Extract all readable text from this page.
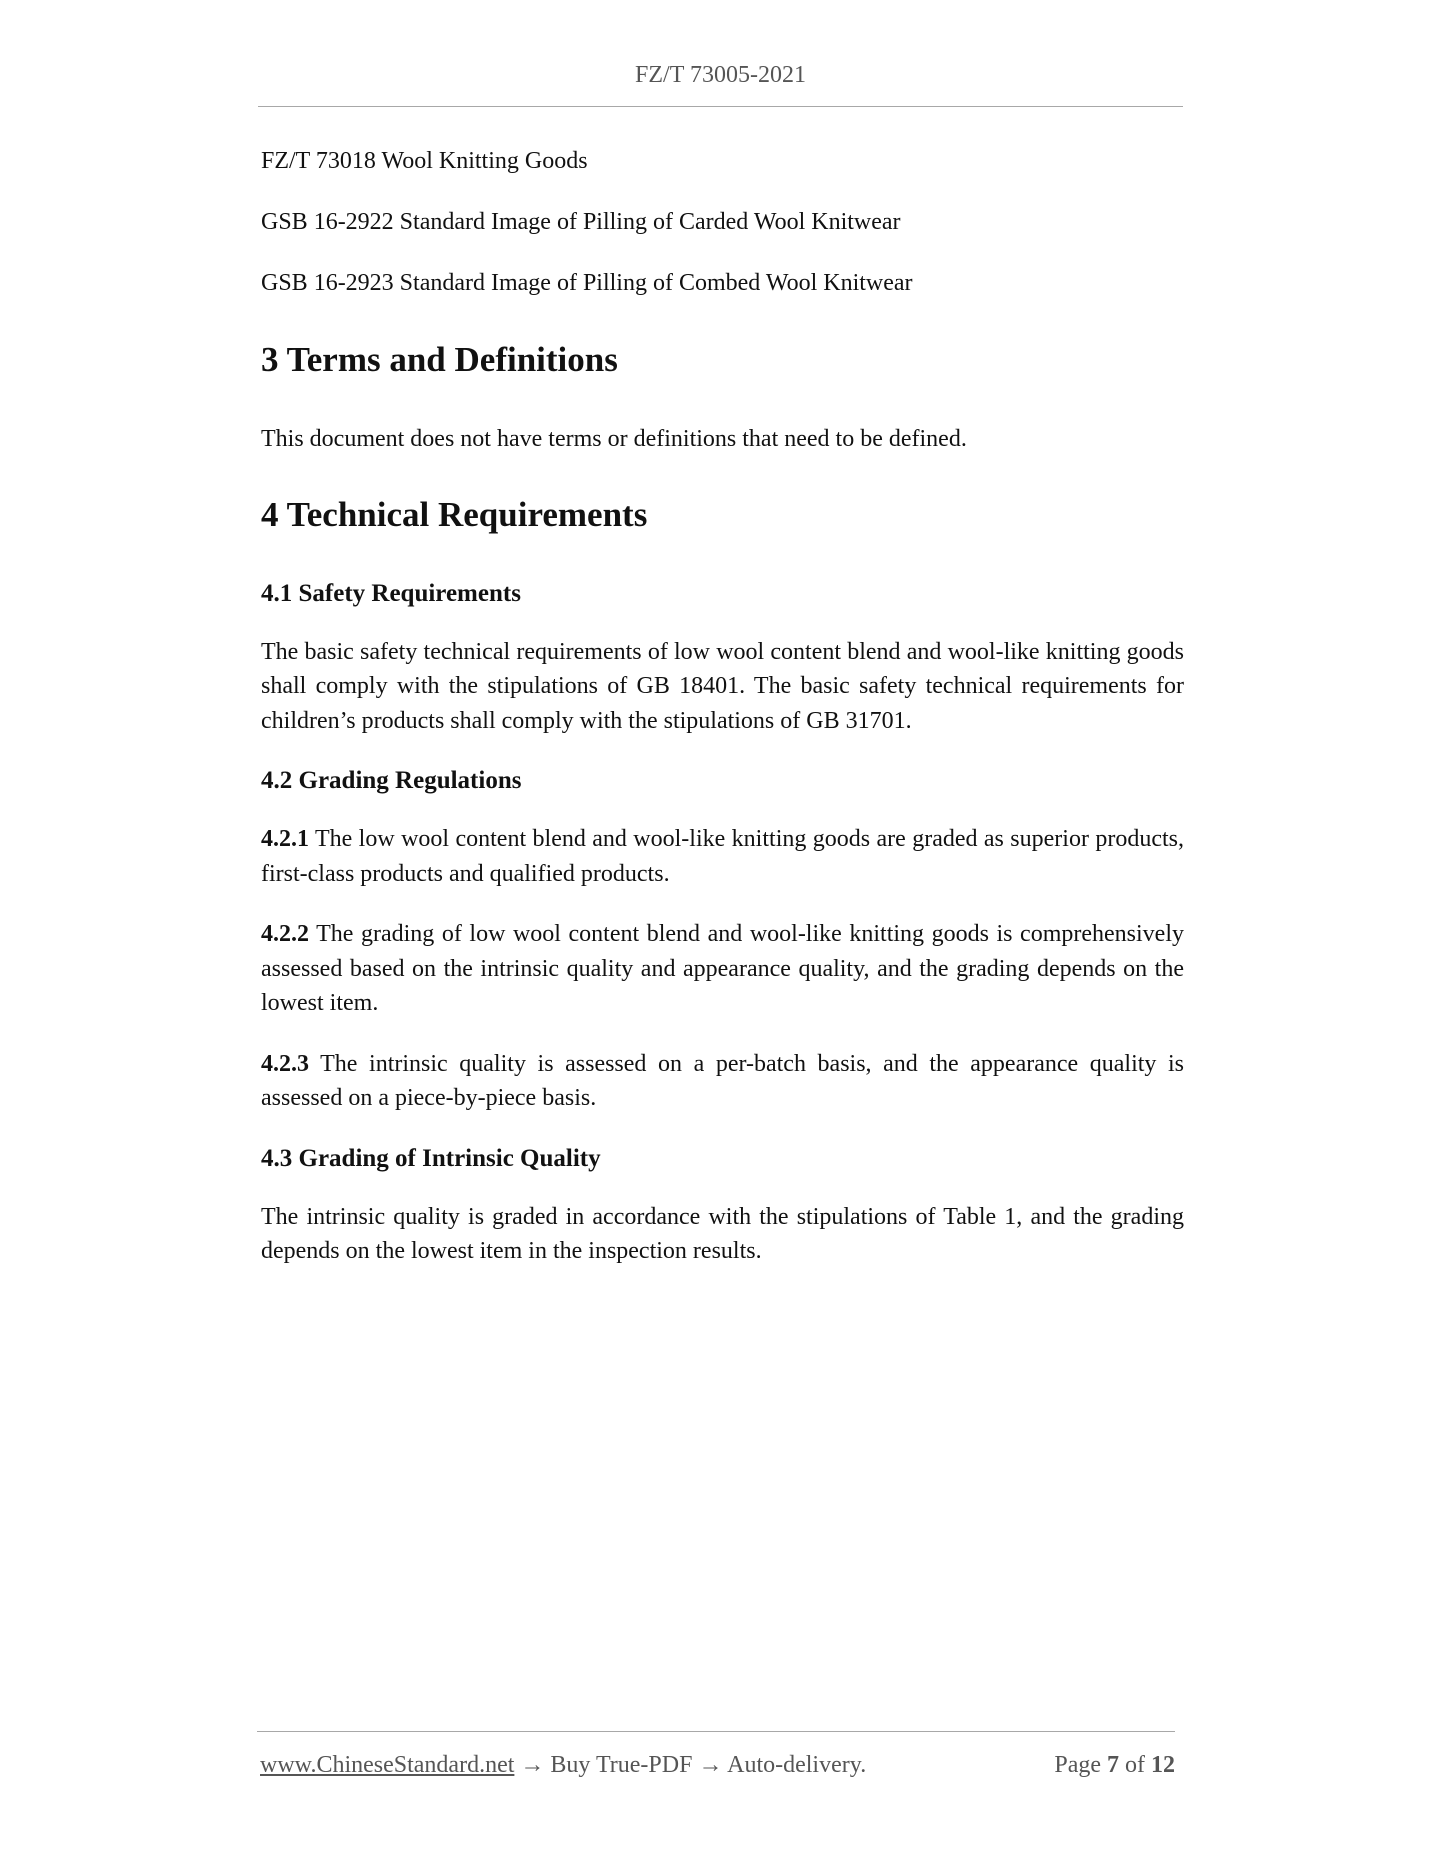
FZ/T 73005-2021

FZ/T 73018 Wool Knitting Goods

GSB 16-2922 Standard Image of Pilling of Carded Wool Knitwear

GSB 16-2923 Standard Image of Pilling of Combed Wool Knitwear

3 Terms and Definitions

This document does not have terms or definitions that need to be defined.

4 Technical Requirements
4.1 Safety Requirements

The basic safety technical requirements of low wool content blend and wool-like knitting goods shall comply with the stipulations of GB 18401. The basic safety technical requirements for children’s products shall comply with the stipulations of GB 31701.

4.2 Grading Regulations

4.2.1 The low wool content blend and wool-like knitting goods are graded as superior products, first-class products and qualified products.

4.2.2 The grading of low wool content blend and wool-like knitting goods is comprehensively assessed based on the intrinsic quality and appearance quality, and the grading depends on the lowest item.

4.2.3 The intrinsic quality is assessed on a per-batch basis, and the appearance quality is assessed on a piece-by-piece basis.

4.3 Grading of Intrinsic Quality

The intrinsic quality is graded in accordance with the stipulations of Table 1, and the grading depends on the lowest item in the inspection results.

www.ChineseStandard.net → Buy True-PDF → Auto-delivery.	Page 7 of 12
